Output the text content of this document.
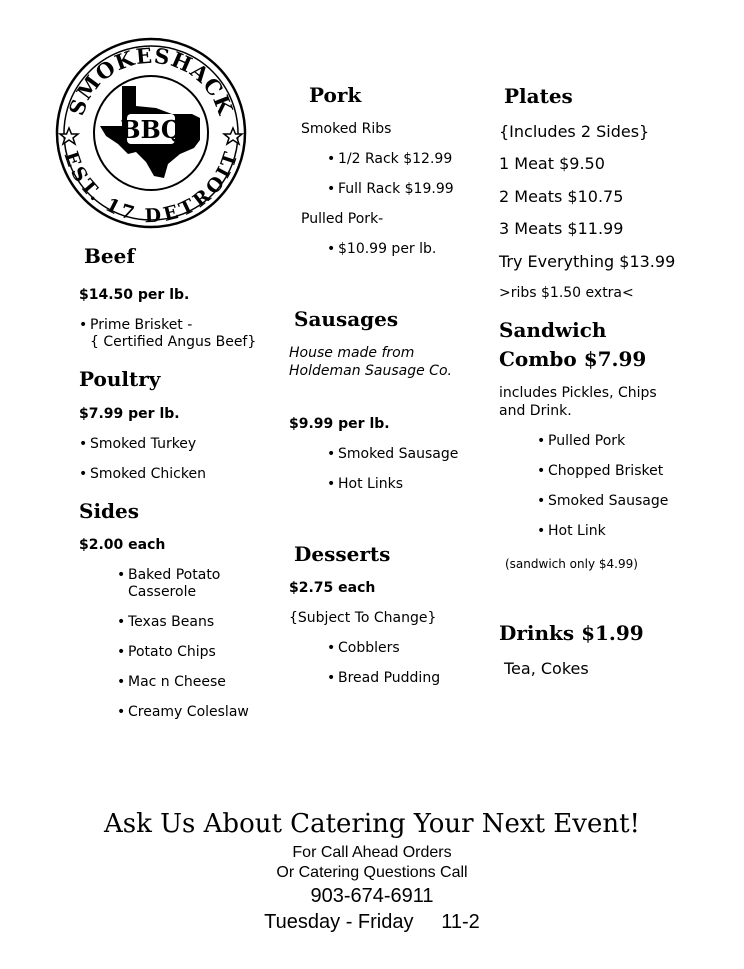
SMOKESHACK
EST. 17 DETROIT
BBQ
Beef
$14.50 per lb.
• Prime Brisket -
{ Certified Angus Beef}
Poultry
$7.99 per lb.
• Smoked Turkey
• Smoked Chicken
Sides
$2.00 each
• Baked Potato
Casserole
• Texas Beans
• Potato Chips
• Mac n Cheese
• Creamy Coleslaw
Pork
Smoked Ribs
• 1/2 Rack $12.99
• Full Rack $19.99
Pulled Pork-
• $10.99 per lb.
Sausages
House made from
Holdeman Sausage Co.
$9.99 per lb.
• Smoked Sausage
• Hot Links
Desserts
$2.75 each
{Subject To Change}
• Cobblers
• Bread Pudding
Plates
{Includes 2 Sides}
1 Meat $9.50
2 Meats $10.75
3 Meats $11.99
Try Everything $13.99
>ribs $1.50 extra<
Sandwich
Combo $7.99
includes Pickles, Chips
and Drink.
• Pulled Pork
• Chopped Brisket
• Smoked Sausage
• Hot Link
(sandwich only $4.99)
Drinks $1.99
Tea, Cokes
Ask Us About Catering Your Next Event!
For Call Ahead Orders
Or Catering Questions Call
903-674-6911
Tuesday - Friday     11-2
